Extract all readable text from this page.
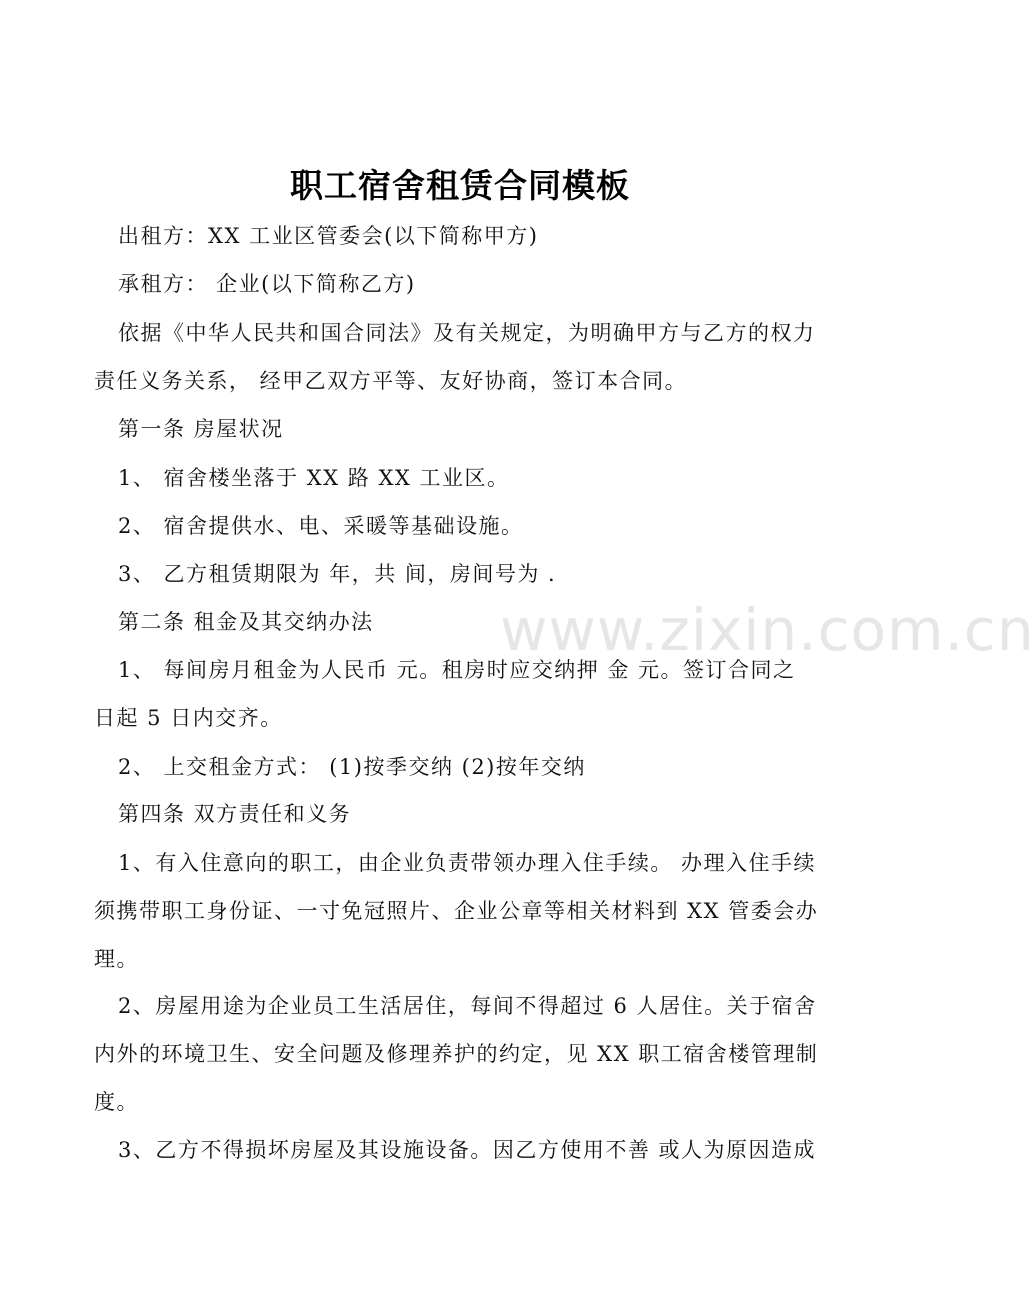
www.zixin.com.cn
职工宿舍租赁合同模板
出租方：XX 工业区管委会(以下简称甲方)
承租方： 企业(以下简称乙方)
依据《中华人民共和国合同法》及有关规定，为明确甲方与乙方的权力
责任义务关系， 经甲乙双方平等、友好协商，签订本合同。
第一条 房屋状况
1、 宿舍楼坐落于 XX 路 XX 工业区。
2、 宿舍提供水、电、采暖等基础设施。
3、 乙方租赁期限为 年，共 间，房间号为 .
第二条 租金及其交纳办法
1、 每间房月租金为人民币 元。租房时应交纳押 金 元。签订合同之
日起 5 日内交齐。
2、 上交租金方式： (1)按季交纳 (2)按年交纳
第四条 双方责任和义务
1、有入住意向的职工，由企业负责带领办理入住手续。 办理入住手续
须携带职工身份证、一寸免冠照片、企业公章等相关材料到 XX 管委会办
理。
2、房屋用途为企业员工生活居住，每间不得超过 6 人居住。关于宿舍
内外的环境卫生、安全问题及修理养护的约定，见 XX 职工宿舍楼管理制
度。
3、乙方不得损坏房屋及其设施设备。因乙方使用不善 或人为原因造成
